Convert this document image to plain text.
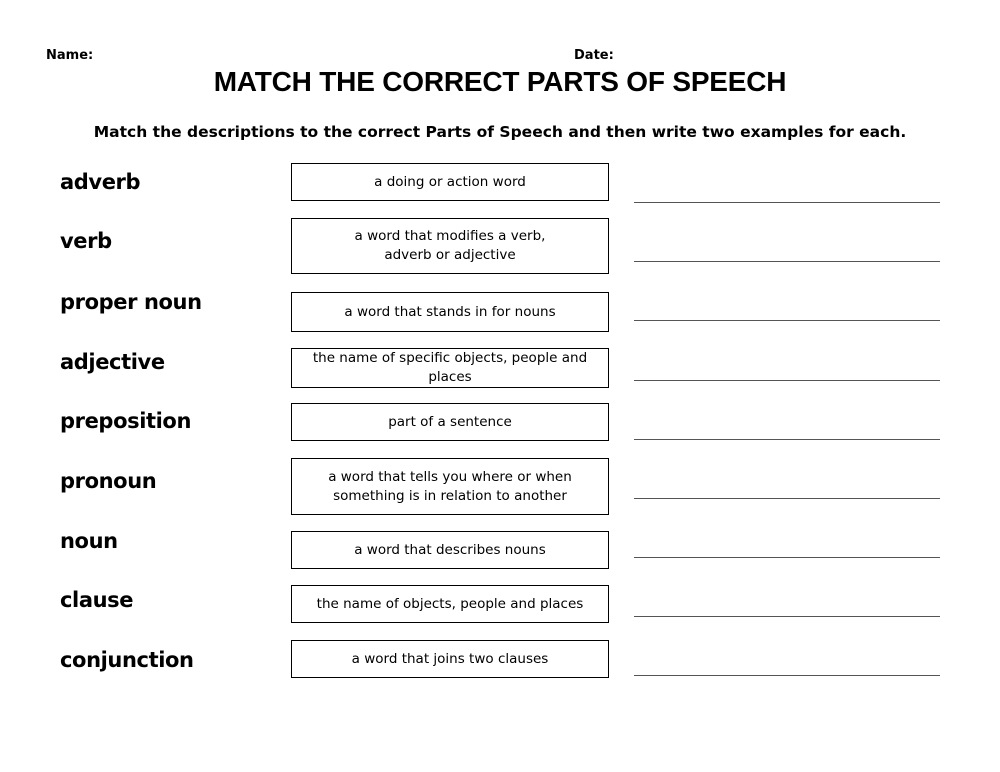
Name:	Date:
MATCH THE CORRECT PARTS OF SPEECH
Match the descriptions to the correct Parts of Speech and then write two examples for each.
adverb	a doing or action word
verb	a word that modifies a verb,
adverb or adjective
proper noun	a word that stands in for nouns
adjective	the name of specific objects, people and places
preposition	part of a sentence
pronoun	a word that tells you where or when
something is in relation to another
noun	a word that describes nouns
clause	the name of objects, people and places
conjunction	a word that joins two clauses
